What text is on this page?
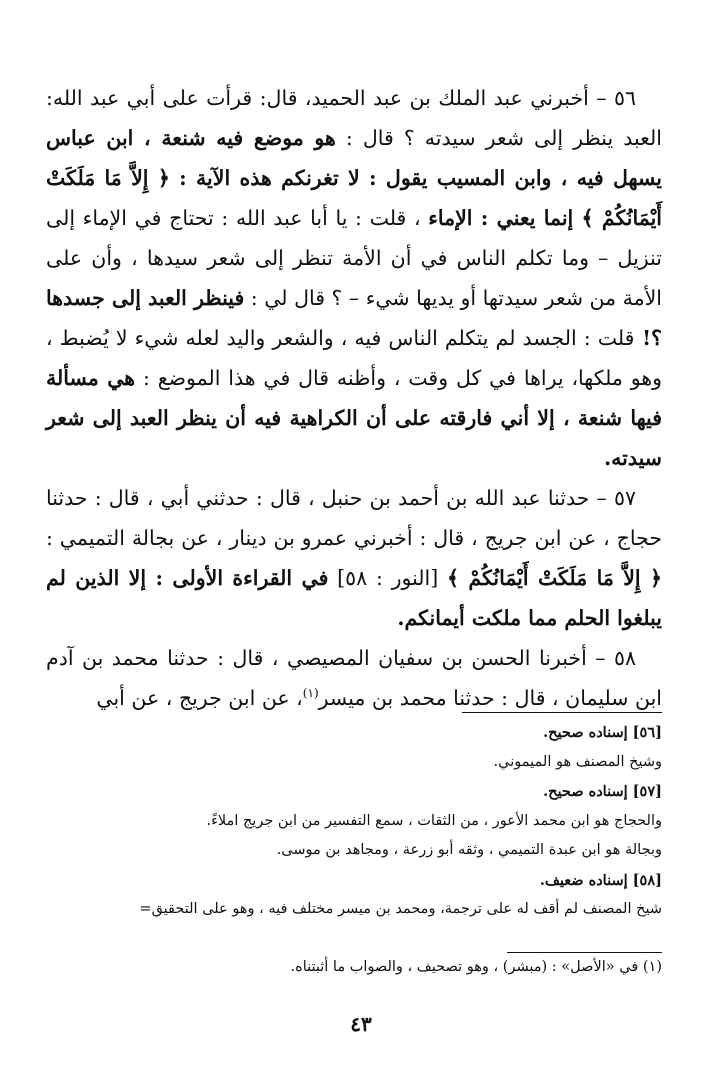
٥٦ – أخبرني عبد الملك بن عبد الحميد، قال: قرأت على أبي عبد الله: العبد ينظر إلى شعر سيدته ؟ قال : هو موضع فيه شنعة ، ابن عباس يسهل فيه ، وابن المسيب يقول : لا تغرنكم هذه الآية : ﴿ إِلاَّ مَا مَلَكَتْ أَيْمَانُكُمْ ﴾ إنما يعني : الإماء ، قلت : يا أبا عبد الله : تحتاج في الإماء إلى تنزيل – وما تكلم الناس في أن الأمة تنظر إلى شعر سيدها ، وأن على الأمة من شعر سيدتها أو يديها شيء – ؟ قال لي : فينظر العبد إلى جسدها ؟! قلت : الجسد لم يتكلم الناس فيه ، والشعر واليد لعله شيء لا يُضبط ، وهو ملكها، يراها في كل وقت ، وأظنه قال في هذا الموضع : هي مسألة فيها شنعة ، إلا أني فارقته على أن الكراهية فيه أن ينظر العبد إلى شعر سيدته.

٥٧ – حدثنا عبد الله بن أحمد بن حنبل ، قال : حدثني أبي ، قال : حدثنا حجاج ، عن ابن جريج ، قال : أخبرني عمرو بن دينار ، عن بجالة التميمي : ﴿ إِلاَّ مَا مَلَكَتْ أَيْمَانُكُمْ ﴾ [النور : ٥٨] في القراءة الأولى : إلا الذين لم يبلغوا الحلم مما ملكت أيمانكم.

٥٨ – أخبرنا الحسن بن سفيان المصيصي ، قال : حدثنا محمد بن آدم ابن سليمان ، قال : حدثنا محمد بن ميسر$^{(١)}$، عن ابن جريج ، عن أبي

[٥٦] إسناده صحيح.

وشيخ المصنف هو الميموني.

[٥٧] إسناده صحيح.

والحجاج هو ابن محمد الأعور ، من الثقات ، سمع التفسير من ابن جريج املاءً.

وبجالة هو ابن عبدة التميمي ، وثقه أبو زرعة ، ومجاهد بن موسى.

[٥٨] إسناده ضعيف.

شيخ المصنف لم أقف له على ترجمة، ومحمد بن ميسر مختلف فيه ، وهو على التحقيق=

(١) في «الأصل» : (مبشر) ، وهو تصحيف ، والصواب ما أثبتناه.

٤٣
